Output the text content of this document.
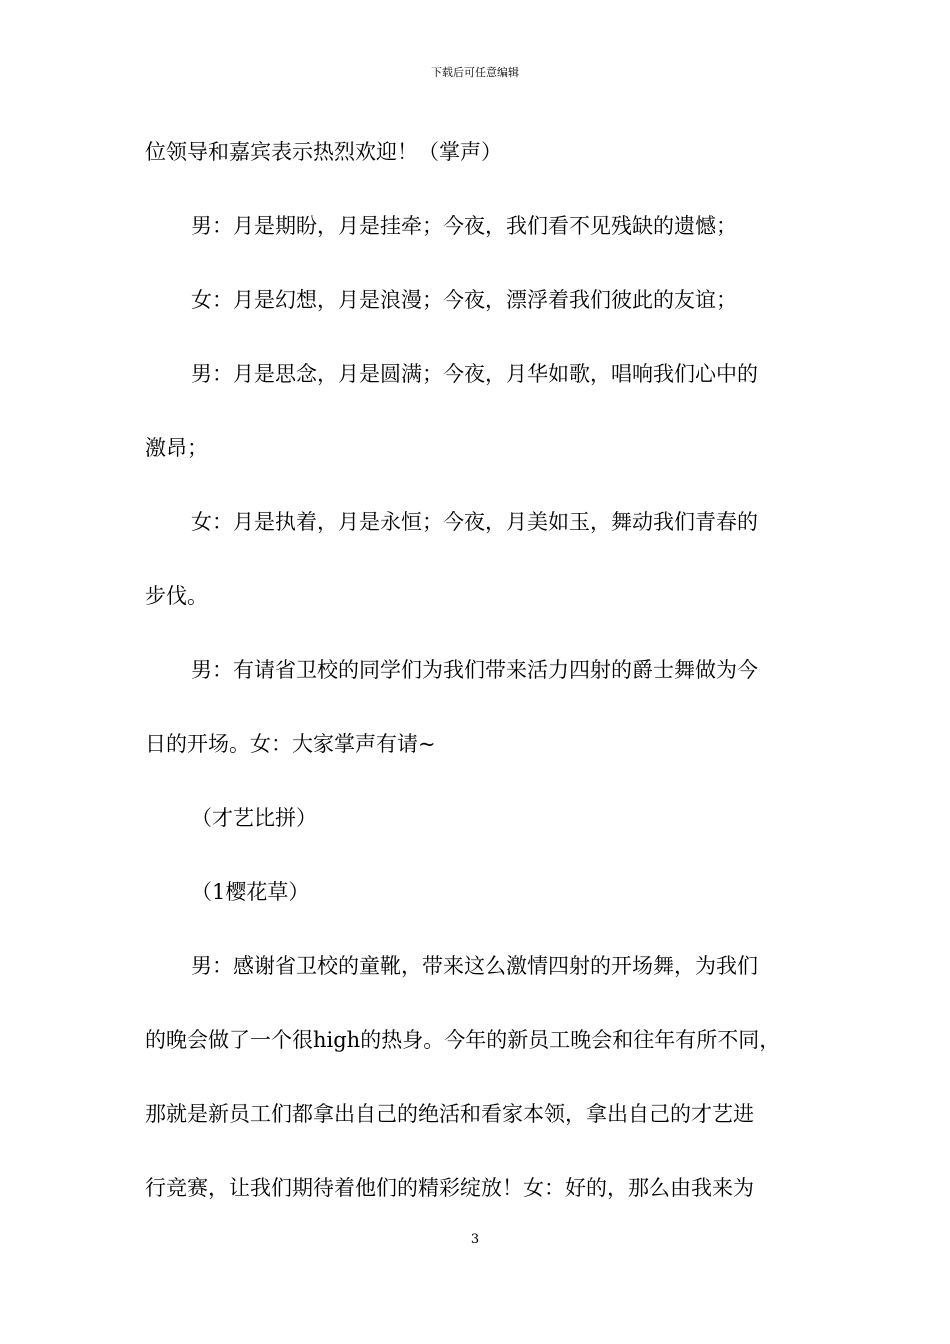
下载后可任意编辑
位领导和嘉宾表示热烈欢迎！（掌声）
男：月是期盼，月是挂牵；今夜，我们看不见残缺的遗憾；
女：月是幻想，月是浪漫；今夜，漂浮着我们彼此的友谊；
男：月是思念，月是圆满；今夜，月华如歌，唱响我们心中的
激昂；
女：月是执着，月是永恒；今夜，月美如玉，舞动我们青春的
步伐。
男：有请省卫校的同学们为我们带来活力四射的爵士舞做为今
日的开场。女：大家掌声有请~
（才艺比拼）
（1樱花草）
男：感谢省卫校的童靴，带来这么激情四射的开场舞，为我们
的晚会做了一个很high的热身。今年的新员工晚会和往年有所不同，
那就是新员工们都拿出自己的绝活和看家本领，拿出自己的才艺进
行竞赛，让我们期待着他们的精彩绽放！女：好的，那么由我来为
3
